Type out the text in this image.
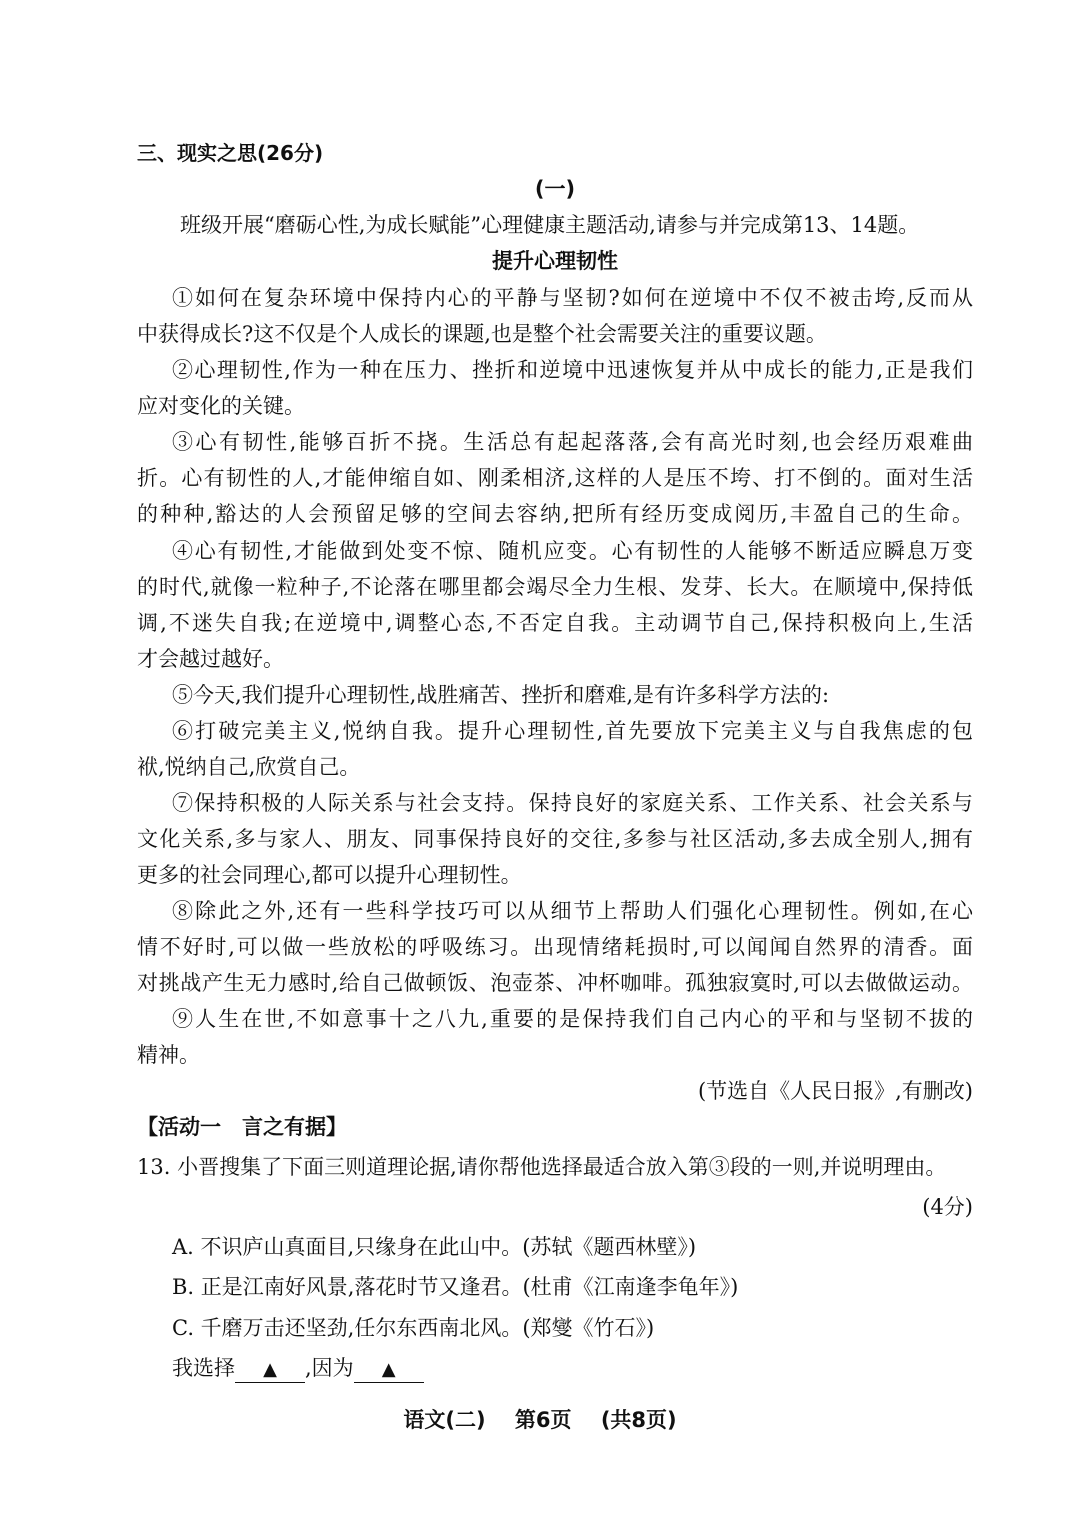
三、现实之思(26分)
(一)
班级开展“磨砺心性,为成长赋能”心理健康主题活动,请参与并完成第13、14题。
提升心理韧性
①如何在复杂环境中保持内心的平静与坚韧?如何在逆境中不仅不被击垮,反而从
中获得成长?这不仅是个人成长的课题,也是整个社会需要关注的重要议题。
②心理韧性,作为一种在压力、挫折和逆境中迅速恢复并从中成长的能力,正是我们
应对变化的关键。
③心有韧性,能够百折不挠。生活总有起起落落,会有高光时刻,也会经历艰难曲
折。心有韧性的人,才能伸缩自如、刚柔相济,这样的人是压不垮、打不倒的。面对生活
的种种,豁达的人会预留足够的空间去容纳,把所有经历变成阅历,丰盈自己的生命。
④心有韧性,才能做到处变不惊、随机应变。心有韧性的人能够不断适应瞬息万变
的时代,就像一粒种子,不论落在哪里都会竭尽全力生根、发芽、长大。在顺境中,保持低
调,不迷失自我;在逆境中,调整心态,不否定自我。主动调节自己,保持积极向上,生活
才会越过越好。
⑤今天,我们提升心理韧性,战胜痛苦、挫折和磨难,是有许多科学方法的:
⑥打破完美主义,悦纳自我。提升心理韧性,首先要放下完美主义与自我焦虑的包
袱,悦纳自己,欣赏自己。
⑦保持积极的人际关系与社会支持。保持良好的家庭关系、工作关系、社会关系与
文化关系,多与家人、朋友、同事保持良好的交往,多参与社区活动,多去成全别人,拥有
更多的社会同理心,都可以提升心理韧性。
⑧除此之外,还有一些科学技巧可以从细节上帮助人们强化心理韧性。例如,在心
情不好时,可以做一些放松的呼吸练习。出现情绪耗损时,可以闻闻自然界的清香。面
对挑战产生无力感时,给自己做顿饭、泡壶茶、冲杯咖啡。孤独寂寞时,可以去做做运动。
⑨人生在世,不如意事十之八九,重要的是保持我们自己内心的平和与坚韧不拔的
精神。
(节选自《人民日报》,有删改)
【活动一　言之有据】
13. 小晋搜集了下面三则道理论据,请你帮他选择最适合放入第③段的一则,并说明理由。
(4分)
A. 不识庐山真面目,只缘身在此山中。(苏轼《题西林壁》)
B. 正是江南好风景,落花时节又逢君。(杜甫《江南逢李龟年》)
C. 千磨万击还坚劲,任尔东西南北风。(郑燮《竹石》)
我选择 ▲ ,因为 ▲
语文(二) 第6页 (共8页)
